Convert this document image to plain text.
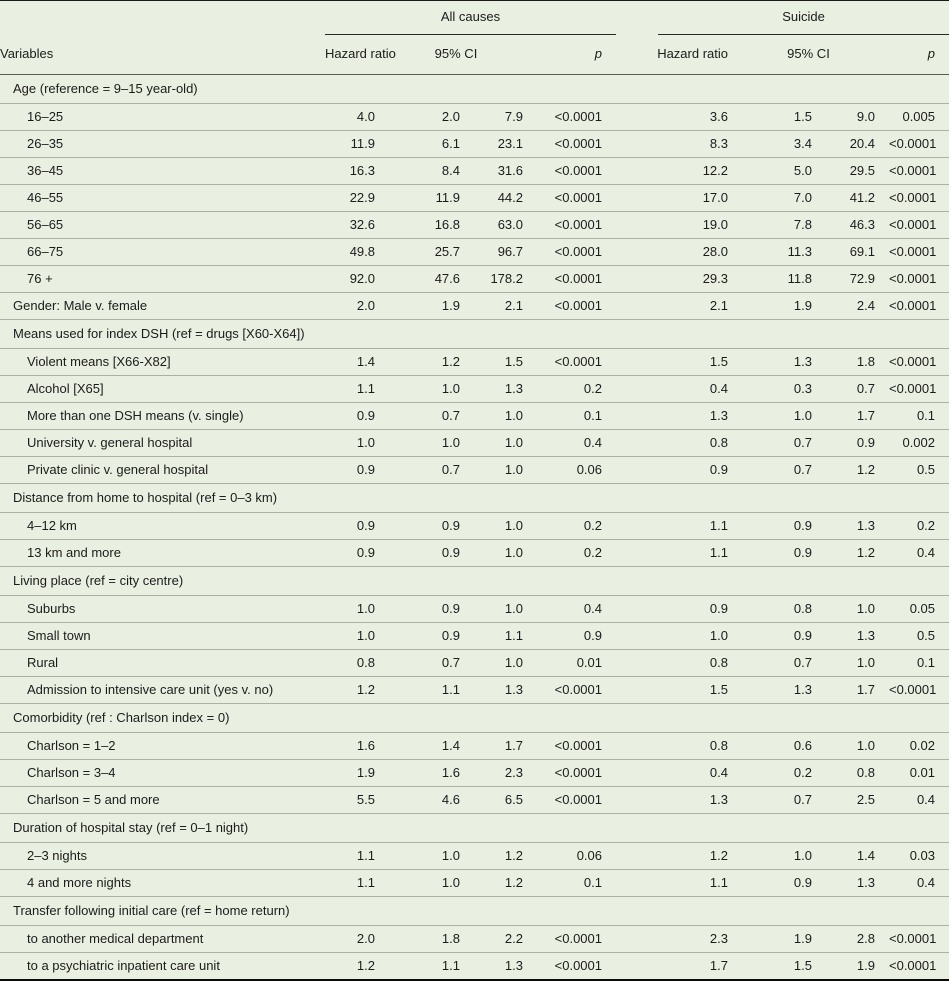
	All causes				Suicide			

Variables	Hazard ratio	95% CI		p	Hazard ratio	95% CI		p
Age (reference = 9–15 year-old)								
16–25	4.0	2.0	7.9	<0.0001	3.6	1.5	9.0	0.005
26–35	11.9	6.1	23.1	<0.0001	8.3	3.4	20.4	<0.0001
36–45	16.3	8.4	31.6	<0.0001	12.2	5.0	29.5	<0.0001
46–55	22.9	11.9	44.2	<0.0001	17.0	7.0	41.2	<0.0001
56–65	32.6	16.8	63.0	<0.0001	19.0	7.8	46.3	<0.0001
66–75	49.8	25.7	96.7	<0.0001	28.0	11.3	69.1	<0.0001
76 +	92.0	47.6	178.2	<0.0001	29.3	11.8	72.9	<0.0001
Gender: Male v. female	2.0	1.9	2.1	<0.0001	2.1	1.9	2.4	<0.0001
Means used for index DSH (ref = drugs [X60-X64])								
Violent means [X66-X82]	1.4	1.2	1.5	<0.0001	1.5	1.3	1.8	<0.0001
Alcohol [X65]	1.1	1.0	1.3	0.2	0.4	0.3	0.7	<0.0001
More than one DSH means (v. single)	0.9	0.7	1.0	0.1	1.3	1.0	1.7	0.1
University v. general hospital	1.0	1.0	1.0	0.4	0.8	0.7	0.9	0.002
Private clinic v. general hospital	0.9	0.7	1.0	0.06	0.9	0.7	1.2	0.5
Distance from home to hospital (ref = 0–3 km)								
4–12 km	0.9	0.9	1.0	0.2	1.1	0.9	1.3	0.2
13 km and more	0.9	0.9	1.0	0.2	1.1	0.9	1.2	0.4
Living place (ref = city centre)								
Suburbs	1.0	0.9	1.0	0.4	0.9	0.8	1.0	0.05
Small town	1.0	0.9	1.1	0.9	1.0	0.9	1.3	0.5
Rural	0.8	0.7	1.0	0.01	0.8	0.7	1.0	0.1
Admission to intensive care unit (yes v. no)	1.2	1.1	1.3	<0.0001	1.5	1.3	1.7	<0.0001
Comorbidity (ref : Charlson index = 0)								
Charlson = 1–2	1.6	1.4	1.7	<0.0001	0.8	0.6	1.0	0.02
Charlson = 3–4	1.9	1.6	2.3	<0.0001	0.4	0.2	0.8	0.01
Charlson = 5 and more	5.5	4.6	6.5	<0.0001	1.3	0.7	2.5	0.4
Duration of hospital stay (ref = 0–1 night)								
2–3 nights	1.1	1.0	1.2	0.06	1.2	1.0	1.4	0.03
4 and more nights	1.1	1.0	1.2	0.1	1.1	0.9	1.3	0.4
Transfer following initial care (ref = home return)								
to another medical department	2.0	1.8	2.2	<0.0001	2.3	1.9	2.8	<0.0001
to a psychiatric inpatient care unit	1.2	1.1	1.3	<0.0001	1.7	1.5	1.9	<0.0001
